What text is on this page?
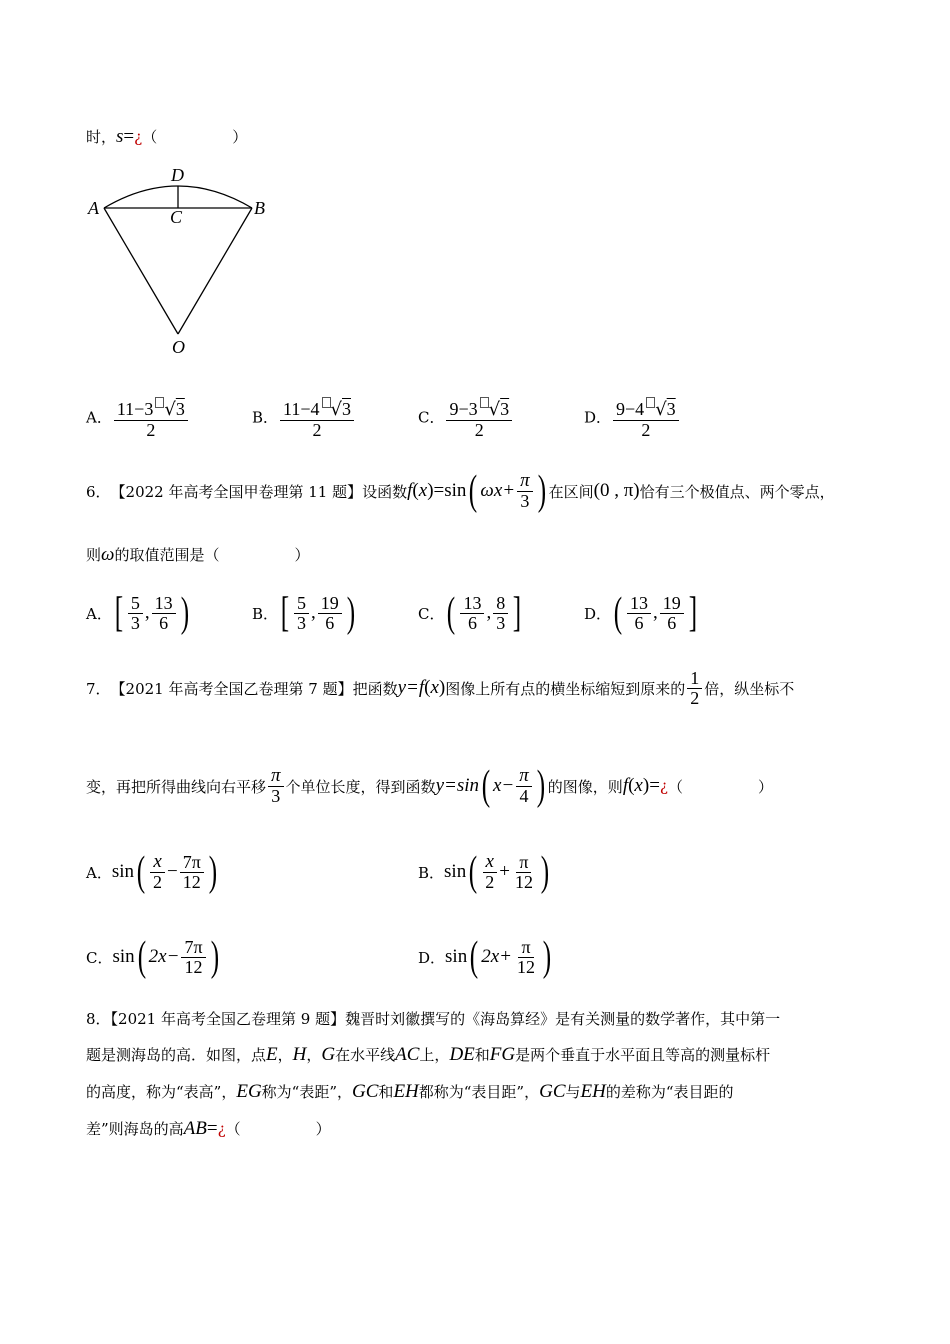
时，s=¿（　　　　　）
D
A	C	B
O
A． $\frac{11-3 √3}{2}$	B． $\frac{11-4 √3}{2}$	C． $\frac{9-3 √3}{2}$	D． $\frac{9-4 √3}{2}$
6． 【2022 年高考全国甲卷理第 11 题】 设函数 f ( x ) =sin ( $\omega x+ \frac{\pi}{3}$ ) 在区间 ( 0 , π ) 恰有三个极值点、两个零点，
则ω的取值范围是（　　　　　）
A． [ $\frac{5}{3}$ , $\frac{13}{6}$ )	B． [ $\frac{5}{3}$ , $\frac{19}{6}$ )	C． ( $\frac{13}{6}$ , $\frac{8}{3}$ ]	D． ( $\frac{13}{6}$ , $\frac{19}{6}$ ]
7． 【2021 年高考全国乙卷理第 7 题】 把函数 y=f ( x ) 图像上所有点的横坐标缩短到原来的 $\frac{1}{2}$ 倍，纵坐标不
变，再把所得曲线向右平移 $\frac{\pi}{3}$ 个单位长度，得到函数 y=sin ( $x- \frac{\pi}{4}$ ) 的图像，则 f ( x ) = ¿ （　　　　　）
A． sin ( $\frac{x}{2} - \frac{7\pi}{12}$ )	B． sin ( $\frac{x}{2} + \frac{\pi}{12}$ )
C． sin ( $2x- \frac{7\pi}{12}$ )	D． sin ( $2x+ \frac{\pi}{12}$ )
8．【2021 年高考全国乙卷理第 9 题】魏晋时刘徽撰写的《海岛算经》是有关测量的数学著作，其中第一
题是测海岛的高．如图，点E，H，G在水平线AC上，DE和FG是两个垂直于水平面且等高的测量标杆
的高度，称为“表高”，EG称为“表距”，GC和EH都称为“表目距”，GC与EH的差称为“表目距的
差”则海岛的高AB=¿（　　　　　）
